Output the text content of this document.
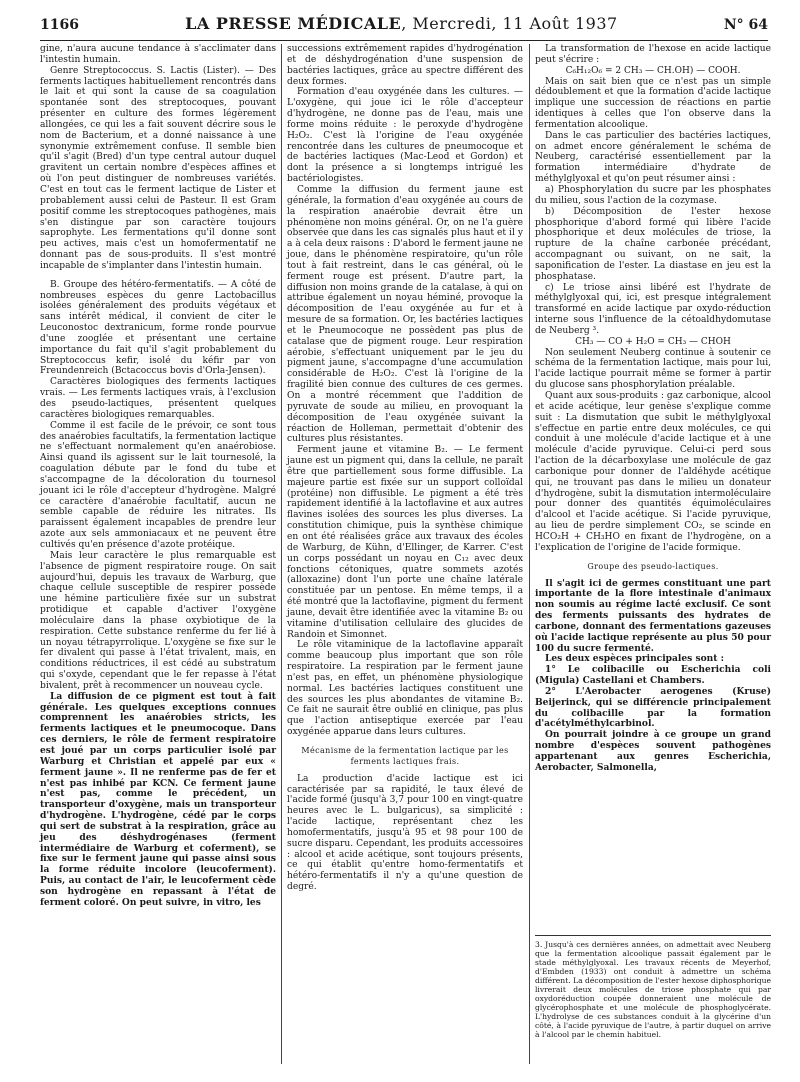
1166	LA PRESSE MÉDICALE, Mercredi, 11 Août 1937	N° 64

gine, n'aura aucune tendance à s'acclimater dans l'intestin humain.

Genre Streptococcus. S. Lactis (Lister). — Des ferments lactiques habituellement rencontrés dans le lait et qui sont la cause de sa coagulation spontanée sont des streptocoques, pouvant présenter en culture des formes légèrement allongées, ce qui les a fait souvent décrire sous le nom de Bacterium, et a donné naissance à une synonymie extrêmement confuse. Il semble bien qu'il s'agit (Bred) d'un type central autour duquel gravitent un certain nombre d'espèces affines et où l'on peut distinguer de nombreuses variétés. C'est en tout cas le ferment lactique de Lister et probablement aussi celui de Pasteur. Il est Gram positif comme les streptocoques pathogènes, mais s'en distingue par son caractère toujours saprophyte. Les fermentations qu'il donne sont peu actives, mais c'est un homofermentatif ne donnant pas de sous-produits. Il s'est montré incapable de s'implanter dans l'intestin humain.

B. Groupe des hétéro-fermentatifs. — A côté de nombreuses espèces du genre Lactobacillus isolées généralement des produits végétaux et sans intérêt médical, il convient de citer le Leuconostoc dextranicum, forme ronde pourvue d'une zooglée et présentant une certaine importance du fait qu'il s'agit probablement du Streptococcus kefir, isolé du kéfir par von Freundenreich (Bctacoccus bovis d'Orla-Jensen).

Caractères biologiques des ferments lactiques vrais. — Les ferments lactiques vrais, à l'exclusion des pseudo-lactiques, présentent quelques caractères biologiques remarquables.

Comme il est facile de le prévoir, ce sont tous des anaérobies facultatifs, la fermentation lactique ne s'effectuant normalement qu'en anaérobiose. Ainsi quand ils agissent sur le lait tournesolé, la coagulation débute par le fond du tube et s'accompagne de la décoloration du tournesol jouant ici le rôle d'accepteur d'hydrogène. Malgré ce caractère d'anaérobie facultatif, aucun ne semble capable de réduire les nitrates. Ils paraissent également incapables de prendre leur azote aux sels ammoniacaux et ne peuvent être cultivés qu'en présence d'azote protéique.

Mais leur caractère le plus remarquable est l'absence de pigment respiratoire rouge. On sait aujourd'hui, depuis les travaux de Warburg, que chaque cellule susceptible de respirer possède une hémine particulière fixée sur un substrat protidique et capable d'activer l'oxygène moléculaire dans la phase oxybiotique de la respiration. Cette substance renferme du fer lié à un noyau tétrapyrrolique. L'oxygène se fixe sur le fer divalent qui passe à l'état trivalent, mais, en conditions réductrices, il est cédé au substratum qui s'oxyde, cependant que le fer repasse à l'état bivalent, prêt à recommencer un nouveau cycle.

La diffusion de ce pigment est tout à fait générale. Les quelques exceptions connues comprennent les anaérobies stricts, les ferments lactiques et le pneumocoque. Dans ces derniers, le rôle de ferment respiratoire est joué par un corps particulier isolé par Warburg et Christian et appelé par eux « ferment jaune ». Il ne renferme pas de fer et n'est pas inhibé par KCN. Ce ferment jaune n'est pas, comme le précédent, un transporteur d'oxygène, mais un transporteur d'hydrogène. L'hydrogène, cédé par le corps qui sert de substrat à la respiration, grâce au jeu des déshydrogénases (ferment intermédiaire de Warburg et coferment), se fixe sur le ferment jaune qui passe ainsi sous la forme réduite incolore (leucoferment). Puis, au contact de l'air, le leucoferment cède son hydrogène en repassant à l'état de ferment coloré. On peut suivre, in vitro, les

successions extrêmement rapides d'hydrogénation et de déshydrogénation d'une suspension de bactéries lactiques, grâce au spectre différent des deux formes.

Formation d'eau oxygénée dans les cultures. — L'oxygène, qui joue ici le rôle d'accepteur d'hydrogène, ne donne pas de l'eau, mais une forme moins réduite : le peroxyde d'hydrogène H₂O₂. C'est là l'origine de l'eau oxygénée rencontrée dans les cultures de pneumocoque et de bactéries lactiques (Mac-Leod et Gordon) et dont la présence a si longtemps intrigué les bactériologistes.

Comme la diffusion du ferment jaune est générale, la formation d'eau oxygénée au cours de la respiration anaérobie devrait être un phénomène non moins général. Or, on ne l'a guère observée que dans les cas signalés plus haut et il y a à cela deux raisons : D'abord le ferment jaune ne joue, dans le phénomène respiratoire, qu'un rôle tout à fait restreint, dans le cas général, où le ferment rouge est présent. D'autre part, la diffusion non moins grande de la catalase, à qui on attribue également un noyau héminé, provoque la décomposition de l'eau oxygénée au fur et à mesure de sa formation. Or, les bactéries lactiques et le Pneumocoque ne possèdent pas plus de catalase que de pigment rouge. Leur respiration aérobie, s'effectuant uniquement par le jeu du pigment jaune, s'accompagne d'une accumulation considérable de H₂O₂. C'est là l'origine de la fragilité bien connue des cultures de ces germes. On a montré récemment que l'addition de pyruvate de soude au milieu, en provoquant la décomposition de l'eau oxygénée suivant la réaction de Holleman, permettait d'obtenir des cultures plus résistantes.

Ferment jaune et vitamine B₂. — Le ferment jaune est un pigment qui, dans la cellule, ne paraît être que partiellement sous forme diffusible. La majeure partie est fixée sur un support colloïdal (protéine) non diffusible. Le pigment a été très rapidement identifié à la lactoflavine et aux autres flavines isolées des sources les plus diverses. La constitution chimique, puis la synthèse chimique en ont été réalisées grâce aux travaux des écoles de Warburg, de Kühn, d'Ellinger, de Karrer. C'est un corps possédant un noyau en C₁₂ avec deux fonctions cétoniques, quatre sommets azotés (alloxazine) dont l'un porte une chaîne latérale constituée par un pentose. En même temps, il a été montré que la lactoflavine, pigment du ferment jaune, devait être identifiée avec la vitamine B₂ ou vitamine d'utilisation cellulaire des glucides de Randoin et Simonnet.

Le rôle vitaminique de la lactoflavine apparaît comme beaucoup plus important que son rôle respiratoire. La respiration par le ferment jaune n'est pas, en effet, un phénomène physiologique normal. Les bactéries lactiques constituent une des sources les plus abondantes de vitamine B₂. Ce fait ne saurait être oublié en clinique, pas plus que l'action antiseptique exercée par l'eau oxygénée apparue dans leurs cultures.

Mécanisme de la fermentation lactique par les ferments lactiques frais.

La production d'acide lactique est ici caractérisée par sa rapidité, le taux élevé de l'acide formé (jusqu'à 3,7 pour 100 en vingt-quatre heures avec le L. bulgaricus), sa simplicité : l'acide lactique, représentant chez les homofermentatifs, jusqu'à 95 et 98 pour 100 de sucre disparu. Cependant, les produits accessoires : alcool et acide acétique, sont toujours présents, ce qui établit qu'entre homo-fermentatifs et hétéro-fermentatifs il n'y a qu'une question de degré.

La transformation de l'hexose en acide lactique peut s'écrire :

C₆H₁₂O₆ = 2 CH₃ — CH.OH) — COOH.

Mais on sait bien que ce n'est pas un simple dédoublement et que la formation d'acide lactique implique une succession de réactions en partie identiques à celles que l'on observe dans la fermentation alcoolique.

Dans le cas particulier des bactéries lactiques, on admet encore généralement le schéma de Neuberg, caractérisé essentiellement par la formation intermédiaire d'hydrate de méthylglyoxal et qu'on peut résumer ainsi :

a) Phosphorylation du sucre par les phosphates du milieu, sous l'action de la cozymase.

b) Décomposition de l'ester hexose phosphorique d'abord formé qui libère l'acide phosphorique et deux molécules de triose, la rupture de la chaîne carbonée précédant, accompagnant ou suivant, on ne sait, la saponification de l'ester. La diastase en jeu est la phosphatase.

c) Le triose ainsi libéré est l'hydrate de méthylglyoxal qui, ici, est presque intégralement transformé en acide lactique par oxydo-réduction interne sous l'influence de la cétoaldhydomutase de Neuberg ³.

CH₃ — CO + H₂O = CH₃ — CHOH

Non seulement Neuberg continue à soutenir ce schéma de la fermentation lactique, mais pour lui, l'acide lactique pourrait même se former à partir du glucose sans phosphorylation préalable.

Quant aux sous-produits : gaz carbonique, alcool et acide acétique, leur genèse s'explique comme suit : La dismutation que subit le méthylglyoxal s'effectue en partie entre deux molécules, ce qui conduit à une molécule d'acide lactique et à une molécule d'acide pyruvique. Celui-ci perd sous l'action de la décarboxylase une molécule de gaz carbonique pour donner de l'aldéhyde acétique qui, ne trouvant pas dans le milieu un donateur d'hydrogène, subit la dismutation intermoléculaire pour donner des quantités équimoléculaires d'alcool et l'acide acétique. Si l'acide pyruvique, au lieu de perdre simplement CO₂, se scinde en HCO₂H + CH₃HO en fixant de l'hydrogène, on a l'explication de l'origine de l'acide formique.

Groupe des pseudo-lactiques.

Il s'agit ici de germes constituant une part importante de la flore intestinale d'animaux non soumis au régime lacté exclusif. Ce sont des ferments puissants des hydrates de carbone, donnant des fermentations gazeuses où l'acide lactique représente au plus 50 pour 100 du sucre fermenté.

Les deux espèces principales sont :

1° Le colibacille ou Escherichia coli (Migula) Castellani et Chambers.

2° L'Aerobacter aerogenes (Kruse) Beijerinck, qui se différencie principalement du colibacille par la formation d'acétylméthylcarbinol.

On pourrait joindre à ce groupe un grand nombre d'espèces souvent pathogènes appartenant aux genres Escherichia, Aerobacter, Salmonella,

3. Jusqu'à ces dernières années, on admettait avec Neuberg que la fermentation alcoolique passait également par le stade méthylglyoxal. Les travaux récents de Meyerhof, d'Embden (1933) ont conduit à admettre un schéma différent. La décomposition de l'ester hexose diphosphorique livrerait deux molécules de triose phosphate qui par oxydoréduction coupée donneraient une molécule de glycérophosphate et une molécule de phosphoglycérate. L'hydrolyse de ces substances conduit à la glycérine d'un côté, à l'acide pyruvique de l'autre, à partir duquel on arrive à l'alcool par le chemin habituel.
